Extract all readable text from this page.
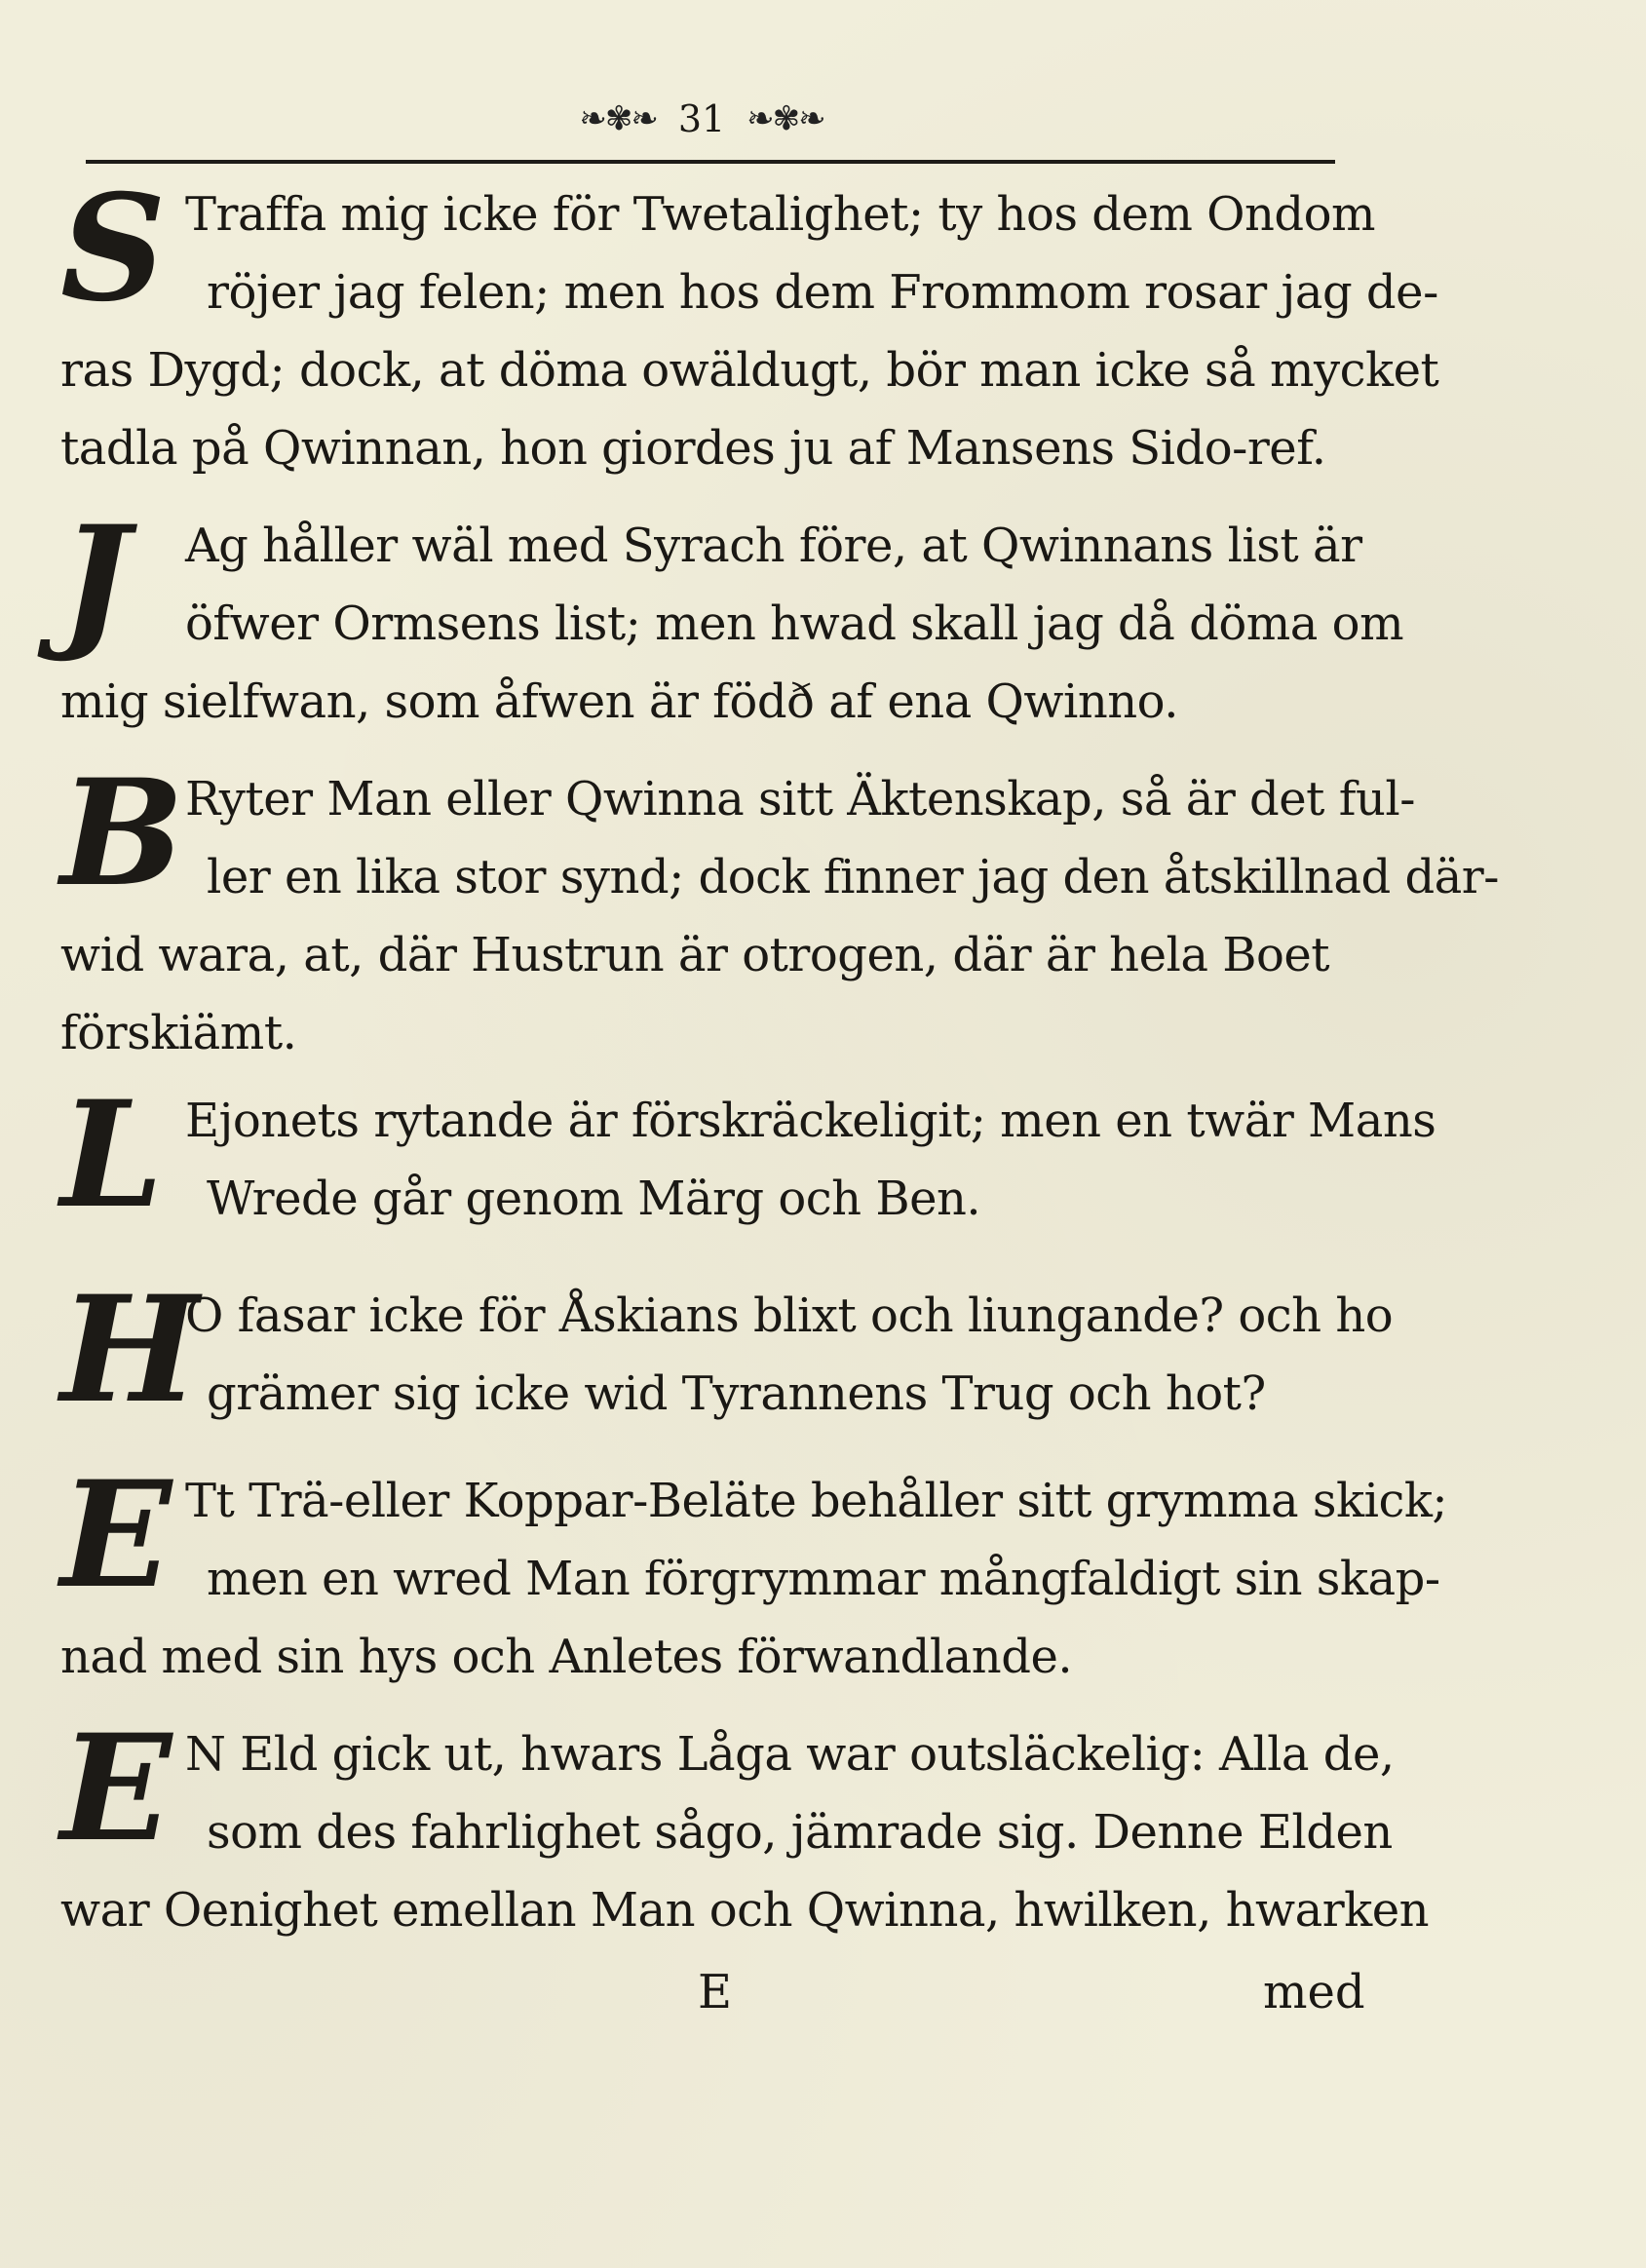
❧✾❧ 31 ❧✾❧
S Traffa mig icke för Twetalighet; ty hos dem Ondom
röjer jag felen; men hos dem Frommom rosar jag de-
ras Dygd; dock, at döma owäldugt, bör man icke så mycket
tadla på Qwinnan, hon giordes ju af Mansens Sido-ref.
J	Ag håller wäl med Syrach före, at Qwinnans list är
öfwer Ormsens list; men hwad skall jag då döma om
mig sielfwan, som åfwen är födð af ena Qwinno.
B Ryter Man eller Qwinna sitt Äktenskap, så är det ful-
ler en lika stor synd; dock finner jag den åtskillnad där-
wid wara, at, där Hustrun är otrogen, där är hela Boet
förskiämt.
L Ejonets rytande är förskräckeligit; men en twär Mans
Wrede går genom Märg och Ben.
H
O fasar icke för Åskians blixt och liungande? och ho
grämer sig icke wid Tyrannens Trug och hot?
E Tt Trä-eller Koppar-Beläte behåller sitt grymma skick;
men en wred Man förgrymmar mångfaldigt sin skap-
nad med sin hys och Anletes förwandlande.
E N Eld gick ut, hwars Låga war outsläckelig: Alla de,
som des fahrlighet sågo, jämrade sig. Denne Elden
war Oenighet emellan Man och Qwinna, hwilken, hwarken
E	med
